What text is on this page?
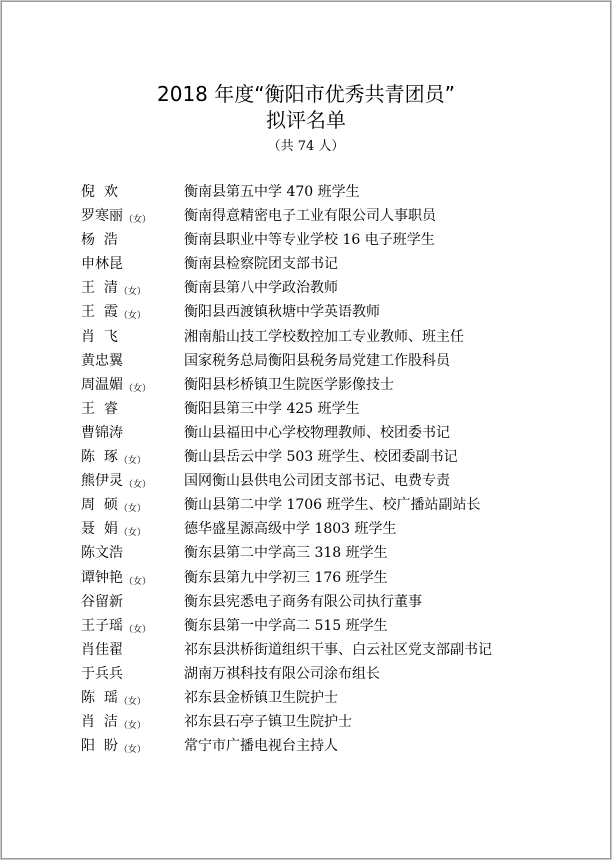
2018 年度“衡阳市优秀共青团员”
拟评名单
（共 74 人）
倪  欢	衡南县第五中学 470 班学生
罗寒丽（女） 衡南得意精密电子工业有限公司人事职员
杨  浩	衡南县职业中等专业学校 16 电子班学生
申林昆	衡南县检察院团支部书记
王  清（女）	衡南县第八中学政治教师
王  霞（女）	衡阳县西渡镇秋塘中学英语教师
肖  飞	湘南船山技工学校数控加工专业教师、班主任
黄忠翼	国家税务总局衡阳县税务局党建工作股科员
周温媚（女） 衡阳县杉桥镇卫生院医学影像技士
王  睿	衡阳县第三中学 425 班学生
曹锦涛	衡山县福田中心学校物理教师、校团委书记
陈  琢（女）	衡山县岳云中学 503 班学生、校团委副书记
熊伊灵（女） 国网衡山县供电公司团支部书记、电费专责
周  硕（女）	衡山县第二中学 1706 班学生、校广播站副站长
聂  娟（女）	德华盛星源高级中学 1803 班学生
陈文浩	衡东县第二中学高三 318 班学生
谭钟艳（女） 衡东县第九中学初三 176 班学生
谷留新	衡东县宪悉电子商务有限公司执行董事
王子瑶（女） 衡东县第一中学高二 515 班学生
肖佳翟	祁东县洪桥街道组织干事、白云社区党支部副书记
于兵兵	湖南万祺科技有限公司涂布组长
陈  瑶（女）	祁东县金桥镇卫生院护士
肖  洁（女）	祁东县石亭子镇卫生院护士
阳  盼（女）	常宁市广播电视台主持人
